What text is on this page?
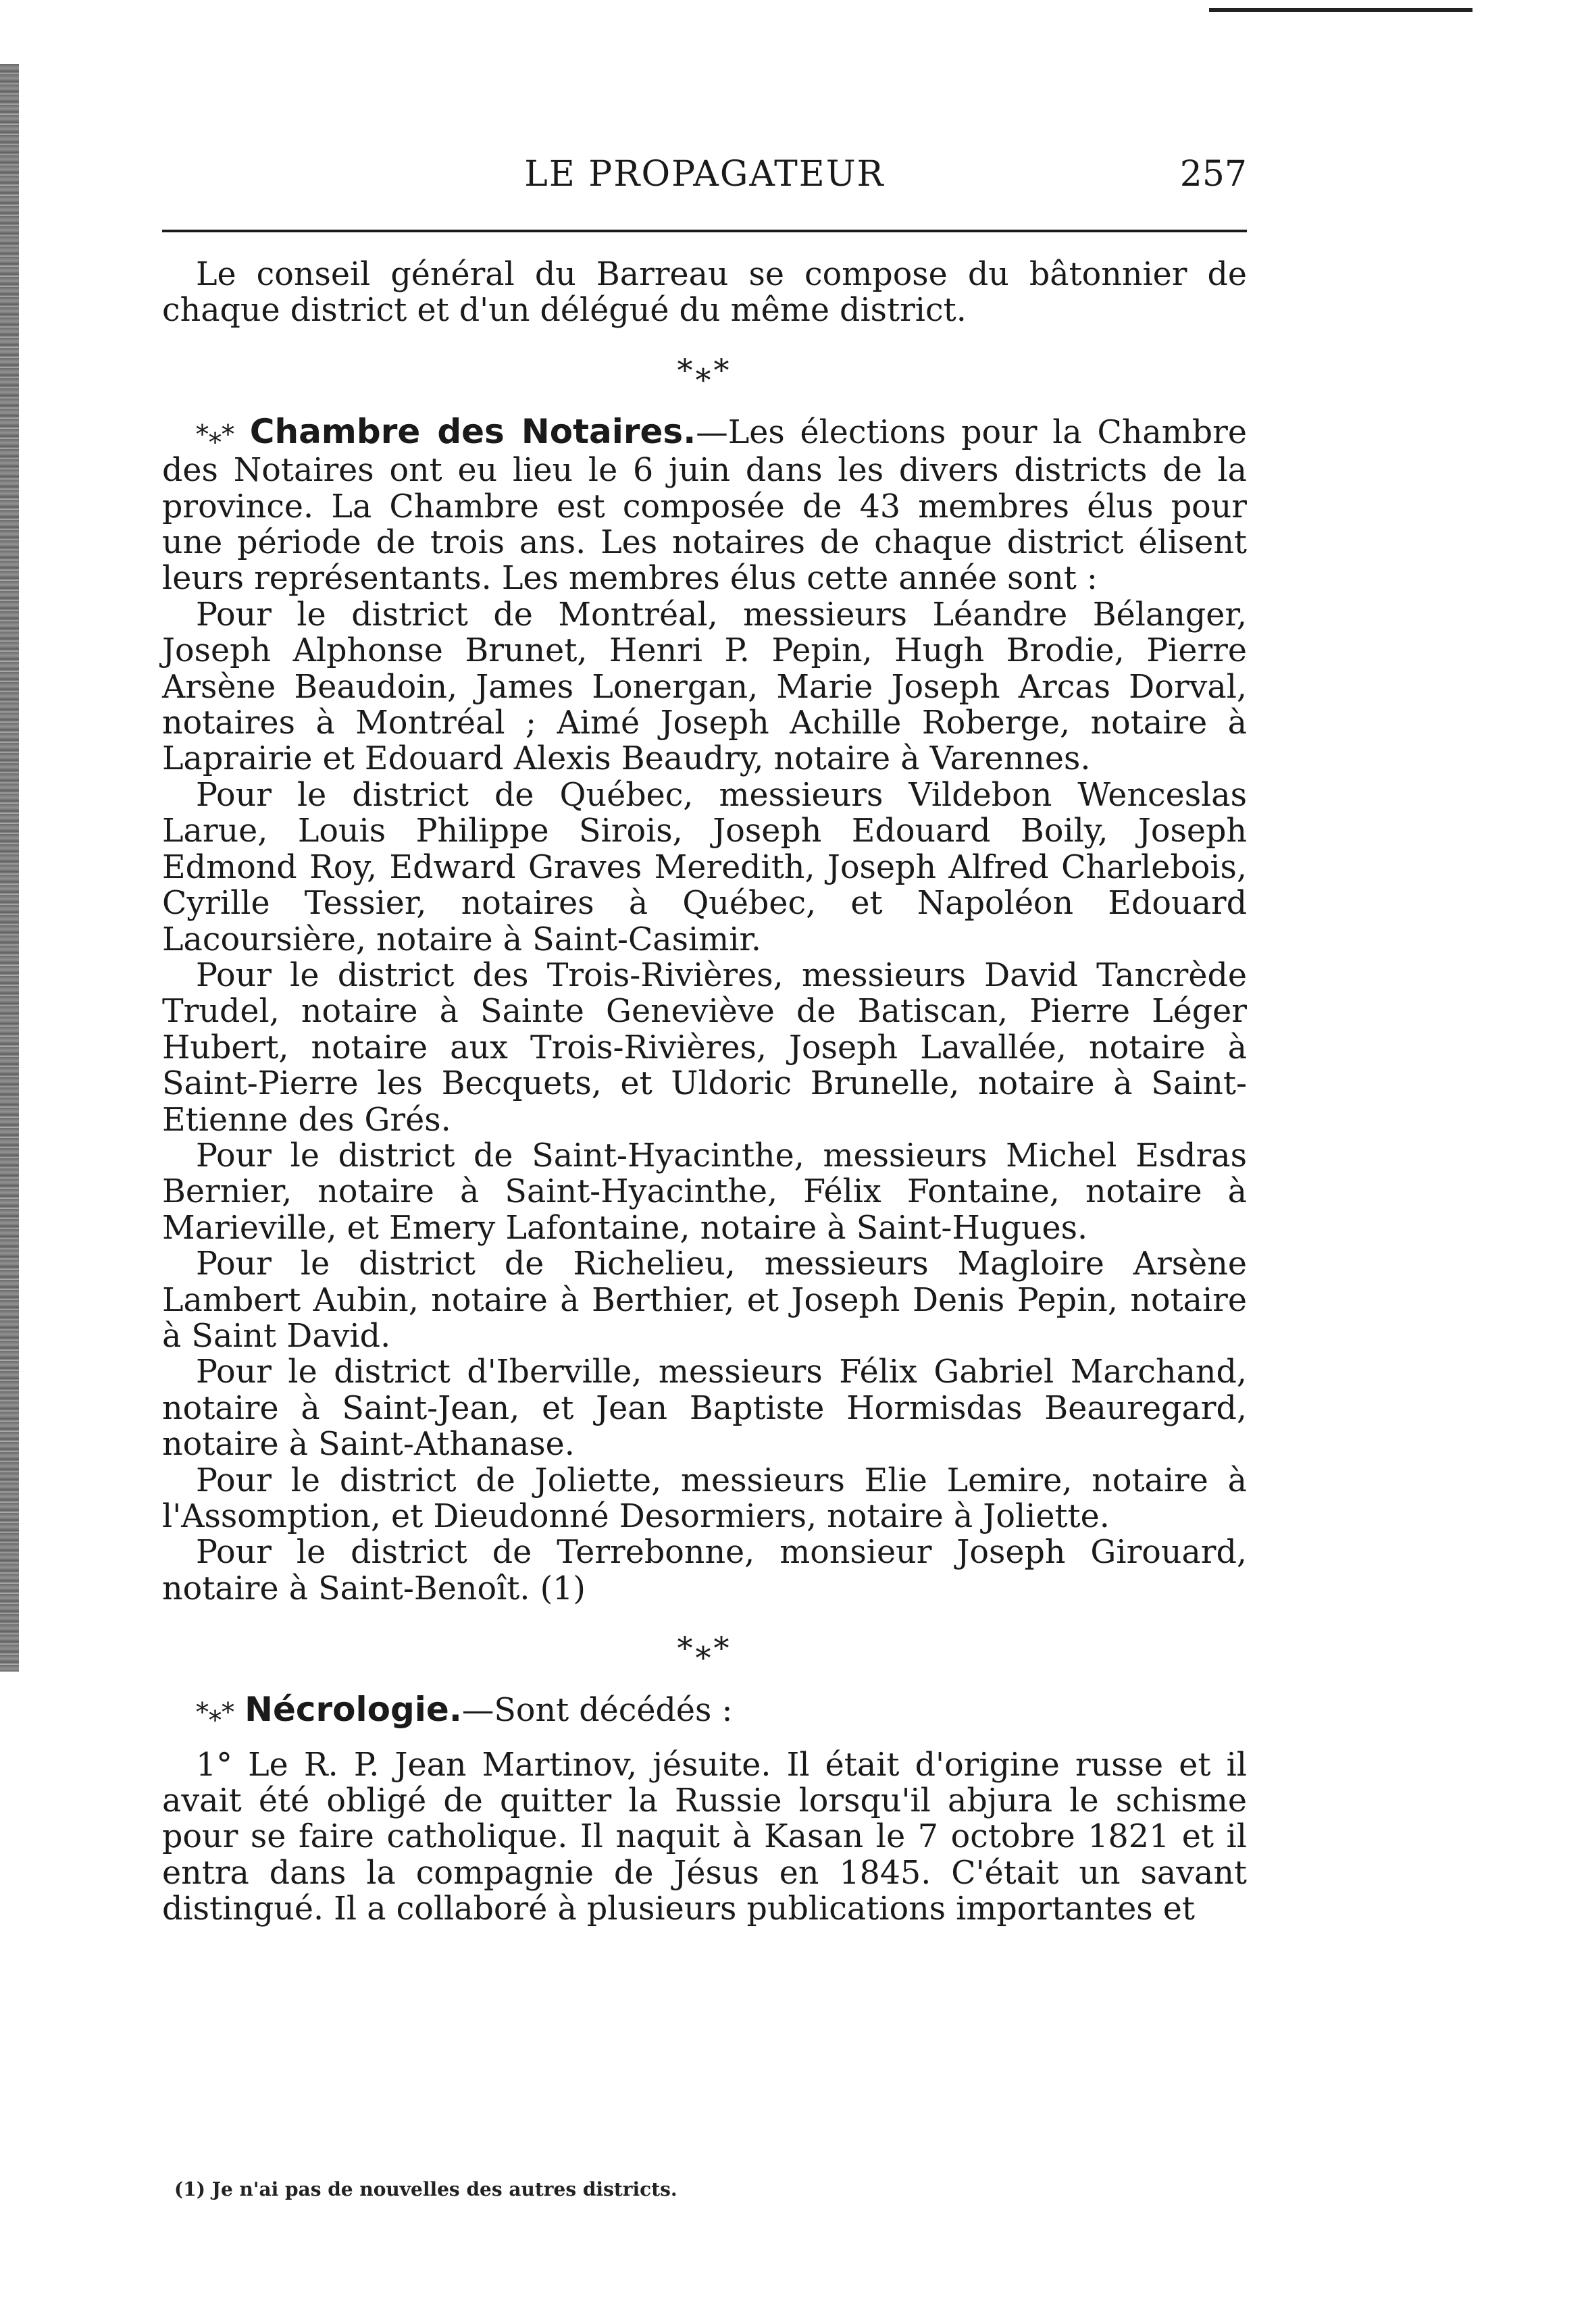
LE PROPAGATEUR	257

Le conseil général du Barreau se compose du bâtonnier de chaque district et d'un délégué du même district.

*⁎*

*⁎* Chambre des Notaires.—Les élections pour la Chambre des Notaires ont eu lieu le 6 juin dans les divers districts de la province. La Chambre est composée de 43 membres élus pour une période de trois ans. Les notaires de chaque district élisent leurs représentants. Les membres élus cette année sont :

Pour le district de Montréal, messieurs Léandre Bélanger, Joseph Alphonse Brunet, Henri P. Pepin, Hugh Brodie, Pierre Arsène Beaudoin, James Lonergan, Marie Joseph Arcas Dorval, notaires à Montréal ; Aimé Joseph Achille Roberge, notaire à Laprairie et Edouard Alexis Beaudry, notaire à Varennes.

Pour le district de Québec, messieurs Vildebon Wenceslas Larue, Louis Philippe Sirois, Joseph Edouard Boily, Joseph Edmond Roy, Edward Graves Meredith, Joseph Alfred Charlebois, Cyrille Tessier, notaires à Québec, et Napoléon Edouard Lacoursière, notaire à Saint-Casimir.

Pour le district des Trois-Rivières, messieurs David Tancrède Trudel, notaire à Sainte Geneviève de Batiscan, Pierre Léger Hubert, notaire aux Trois-Rivières, Joseph Lavallée, notaire à Saint-Pierre les Becquets, et Uldoric Brunelle, notaire à Saint-Etienne des Grés.

Pour le district de Saint-Hyacinthe, messieurs Michel Esdras Bernier, notaire à Saint-Hyacinthe, Félix Fontaine, notaire à Marieville, et Emery Lafontaine, notaire à Saint-Hugues.

Pour le district de Richelieu, messieurs Magloire Arsène Lambert Aubin, notaire à Berthier, et Joseph Denis Pepin, notaire à Saint David.

Pour le district d'Iberville, messieurs Félix Gabriel Marchand, notaire à Saint-Jean, et Jean Baptiste Hormisdas Beauregard, notaire à Saint-Athanase.

Pour le district de Joliette, messieurs Elie Lemire, notaire à l'Assomption, et Dieudonné Desormiers, notaire à Joliette.

Pour le district de Terrebonne, monsieur Joseph Girouard, notaire à Saint-Benoît. (1)

*⁎*

*⁎* Nécrologie.—Sont décédés :

1° Le R. P. Jean Martinov, jésuite. Il était d'origine russe et il avait été obligé de quitter la Russie lorsqu'il abjura le schisme pour se faire catholique. Il naquit à Kasan le 7 octobre 1821 et il entra dans la compagnie de Jésus en 1845. C'était un savant distingué. Il a collaboré à plusieurs publications importantes et

(1) Je n'ai pas de nouvelles des autres districts.
